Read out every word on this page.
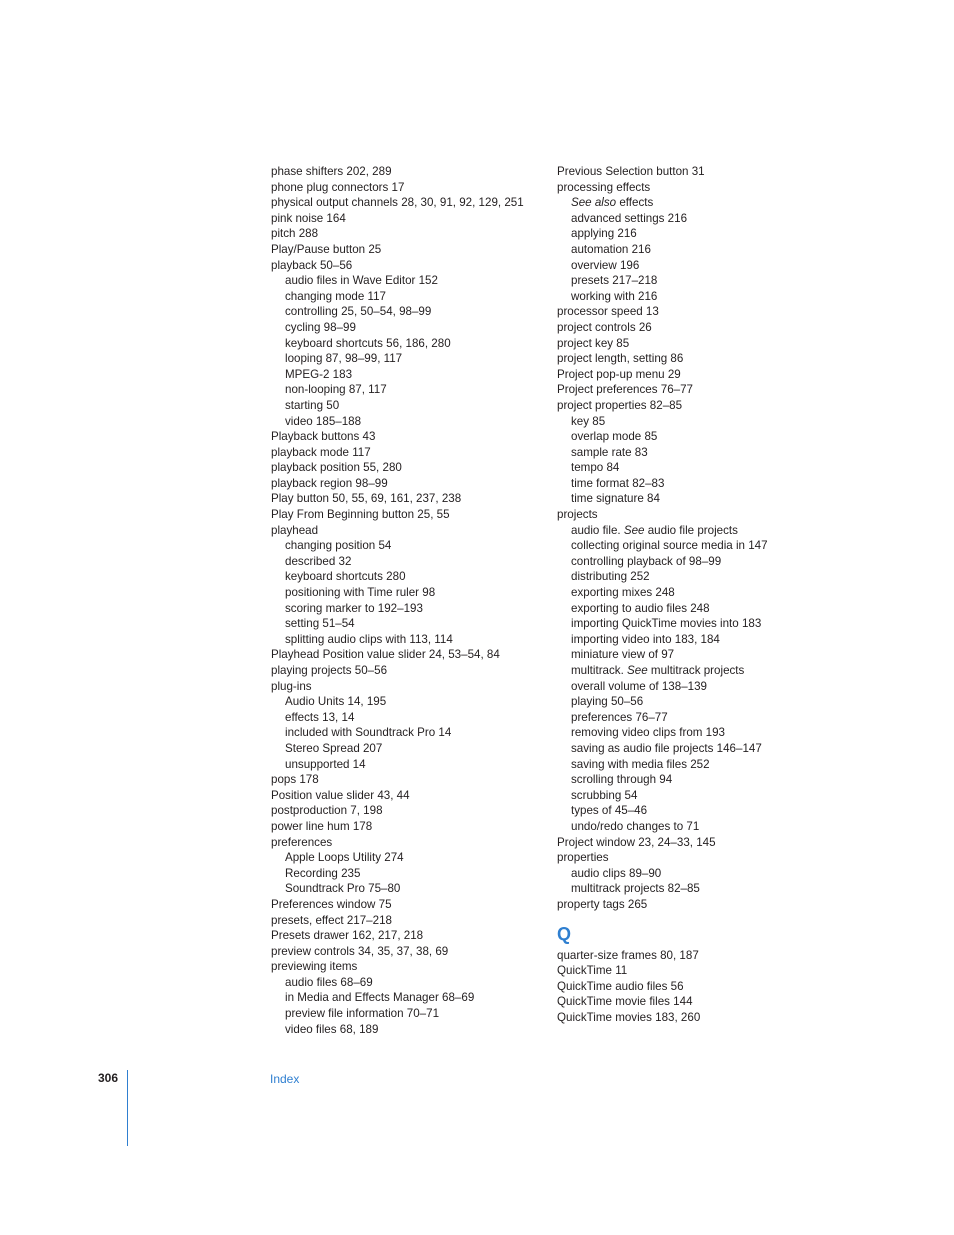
phase shifters 202, 289
phone plug connectors 17
physical output channels 28, 30, 91, 92, 129, 251
pink noise 164
pitch 288
Play/Pause button 25
playback 50–56
audio files in Wave Editor 152
changing mode 117
controlling 25, 50–54, 98–99
cycling 98–99
keyboard shortcuts 56, 186, 280
looping 87, 98–99, 117
MPEG-2 183
non-looping 87, 117
starting 50
video 185–188
Playback buttons 43
playback mode 117
playback position 55, 280
playback region 98–99
Play button 50, 55, 69, 161, 237, 238
Play From Beginning button 25, 55
playhead
changing position 54
described 32
keyboard shortcuts 280
positioning with Time ruler 98
scoring marker to 192–193
setting 51–54
splitting audio clips with 113, 114
Playhead Position value slider 24, 53–54, 84
playing projects 50–56
plug-ins
Audio Units 14, 195
effects 13, 14
included with Soundtrack Pro 14
Stereo Spread 207
unsupported 14
pops 178
Position value slider 43, 44
postproduction 7, 198
power line hum 178
preferences
Apple Loops Utility 274
Recording 235
Soundtrack Pro 75–80
Preferences window 75
presets, effect 217–218
Presets drawer 162, 217, 218
preview controls 34, 35, 37, 38, 69
previewing items
audio files 68–69
in Media and Effects Manager 68–69
preview file information 70–71
video files 68, 189
Previous Selection button 31
processing effects
See also effects
advanced settings 216
applying 216
automation 216
overview 196
presets 217–218
working with 216
processor speed 13
project controls 26
project key 85
project length, setting 86
Project pop-up menu 29
Project preferences 76–77
project properties 82–85
key 85
overlap mode 85
sample rate 83
tempo 84
time format 82–83
time signature 84
projects
audio file. See audio file projects
collecting original source media in 147
controlling playback of 98–99
distributing 252
exporting mixes 248
exporting to audio files 248
importing QuickTime movies into 183
importing video into 183, 184
miniature view of 97
multitrack. See multitrack projects
overall volume of 138–139
playing 50–56
preferences 76–77
removing video clips from 193
saving as audio file projects 146–147
saving with media files 252
scrolling through 94
scrubbing 54
types of 45–46
undo/redo changes to 71
Project window 23, 24–33, 145
properties
audio clips 89–90
multitrack projects 82–85
property tags 265
Q
quarter-size frames 80, 187
QuickTime 11
QuickTime audio files 56
QuickTime movie files 144
QuickTime movies 183, 260
306	Index
